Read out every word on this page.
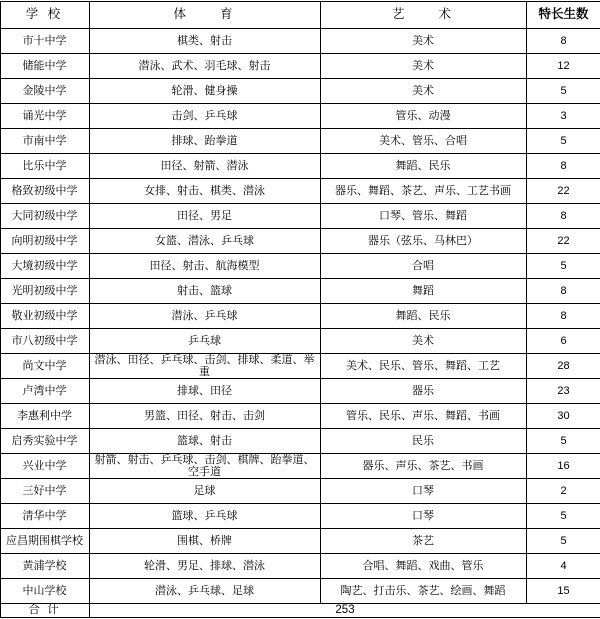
学 校	体　　育	艺　　术	特长生数
市十中学	棋类、射击	美术	8
储能中学	潜泳、武术、羽毛球、射击	美术	12
金陵中学	轮滑、健身操	美术	5
诵光中学	击剑、乒乓球	管乐、动漫	3
市南中学	排球、跆拳道	美术、管乐、合唱	5
比乐中学	田径、射箭、潜泳	舞蹈、民乐	8
格致初级中学	女排、射击、棋类、潜泳	器乐、舞蹈、茶艺、声乐、工艺书画	22
大同初级中学	田径、男足	口琴、管乐、舞蹈	8
向明初级中学	女篮、潜泳、乒乓球	器乐（弦乐、马林巴）	22
大境初级中学	田径、射击、航海模型	合唱	5
光明初级中学	射击、篮球	舞蹈	8
敬业初级中学	潜泳、乒乓球	舞蹈、民乐	8
市八初级中学	乒乓球	美术	6
尚文中学	潜泳、田径、乒乓球、击剑、排球、柔道、举重	美术、民乐、管乐、舞蹈、工艺	28
卢湾中学	排球、田径	器乐	23
李惠利中学	男篮、田径、射击、击剑	管乐、民乐、声乐、舞蹈、书画	30
启秀实验中学	篮球、射击	民乐	5
兴业中学	射箭、射击、乒乓球、击剑、棋牌、跆拳道、空手道	器乐、声乐、茶艺、书画	16
三好中学	足球	口琴	2
清华中学	篮球、乒乓球	口琴	5
应昌期围棋学校	围棋、桥牌	茶艺	5
黄浦学校	轮滑、男足、排球、潜泳	合唱、舞蹈、戏曲、管乐	4
中山学校	潜泳、乒乓球、足球	陶艺、打击乐、茶艺、绘画、舞蹈	15
合 计	253		
